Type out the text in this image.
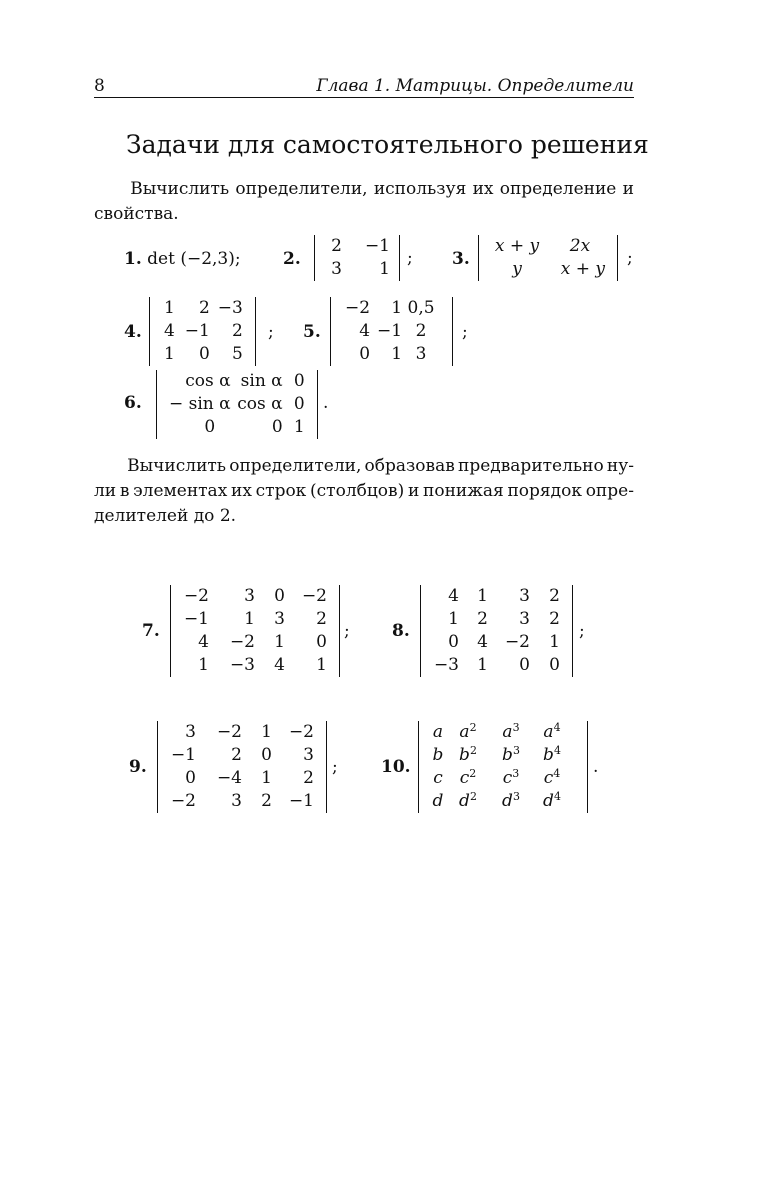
8	Глава 1. Матрицы. Определители
Задачи для самостоятельного решения
Вычислить определители, используя их определение и
свойства.
1. det (−2,3); 2.
2	−1
3	1
; 3.
x + y	2x
y	x + y
;
4.
1	2	−3
4	−1	2
1	0	5
; 5.
−2	1	0,5
4	−1	2
0	1	3
;
6.
cos α	sin α	0
− sin α	cos α	0
0	0	1
.
Вычислить определители, образовав предварительно ну-
ли в элементах их строк (столбцов) и понижая порядок опре-
делителей до 2.
7.
−2	3	0	−2
−1	1	3	2
4	−2	1	0
1	−3	4	1
; 8.
4	1	3	2
1	2	3	2
0	4	−2	1
−3	1	0	0
;
9.
3	−2	1	−2
−1	2	0	3
0	−4	1	2
−2	3	2	−1
;	10.
a	$a^2$	$a^3$	$a^4$
b	$b^2$	$b^3$	$b^4$
c	$c^2$	$c^3$	$c^4$
d	$d^2$	$d^3$	$d^4$
.
